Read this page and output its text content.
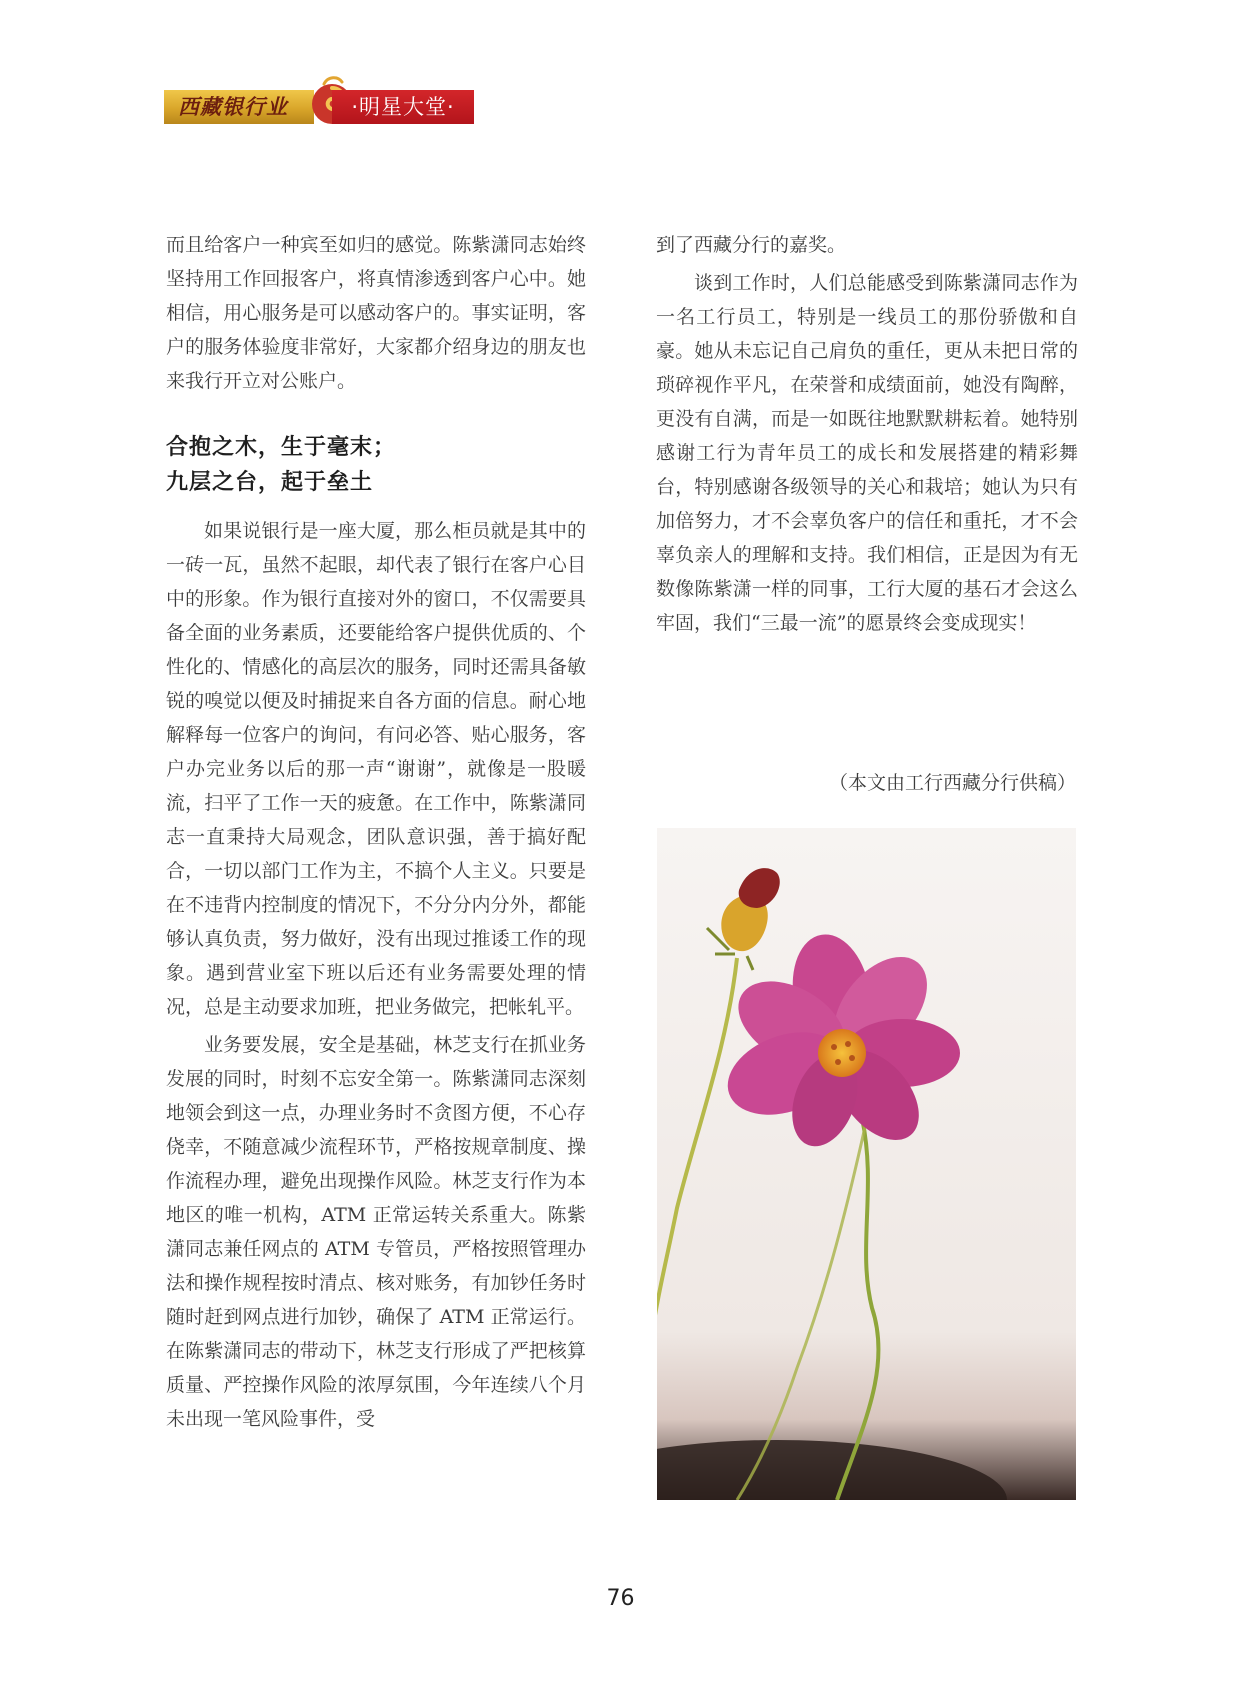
西藏银行业	·明星大堂·

而且给客户一种宾至如归的感觉。陈紫潇同志始终坚持用工作回报客户，将真情渗透到客户心中。她相信，用心服务是可以感动客户的。事实证明，客户的服务体验度非常好，大家都介绍身边的朋友也来我行开立对公账户。

合抱之木，生于毫末；
九层之台，起于垒土

如果说银行是一座大厦，那么柜员就是其中的一砖一瓦，虽然不起眼，却代表了银行在客户心目中的形象。作为银行直接对外的窗口，不仅需要具备全面的业务素质，还要能给客户提供优质的、个性化的、情感化的高层次的服务，同时还需具备敏锐的嗅觉以便及时捕捉来自各方面的信息。耐心地解释每一位客户的询问，有问必答、贴心服务，客户办完业务以后的那一声“谢谢”，就像是一股暖流，扫平了工作一天的疲惫。在工作中，陈紫潇同志一直秉持大局观念，团队意识强，善于搞好配合，一切以部门工作为主，不搞个人主义。只要是在不违背内控制度的情况下，不分分内分外，都能够认真负责，努力做好，没有出现过推诿工作的现象。遇到营业室下班以后还有业务需要处理的情况，总是主动要求加班，把业务做完，把帐轧平。

业务要发展，安全是基础，林芝支行在抓业务发展的同时，时刻不忘安全第一。陈紫潇同志深刻地领会到这一点，办理业务时不贪图方便，不心存侥幸，不随意减少流程环节，严格按规章制度、操作流程办理，避免出现操作风险。林芝支行作为本地区的唯一机构，ATM 正常运转关系重大。陈紫潇同志兼任网点的 ATM 专管员，严格按照管理办法和操作规程按时清点、核对账务，有加钞任务时随时赶到网点进行加钞，确保了 ATM 正常运行。在陈紫潇同志的带动下，林芝支行形成了严把核算质量、严控操作风险的浓厚氛围，今年连续八个月未出现一笔风险事件，受

到了西藏分行的嘉奖。

谈到工作时，人们总能感受到陈紫潇同志作为一名工行员工，特别是一线员工的那份骄傲和自豪。她从未忘记自己肩负的重任，更从未把日常的琐碎视作平凡，在荣誉和成绩面前，她没有陶醉，更没有自满，而是一如既往地默默耕耘着。她特别感谢工行为青年员工的成长和发展搭建的精彩舞台，特别感谢各级领导的关心和栽培；她认为只有加倍努力，才不会辜负客户的信任和重托，才不会辜负亲人的理解和支持。我们相信，正是因为有无数像陈紫潇一样的同事，工行大厦的基石才会这么牢固，我们“三最一流”的愿景终会变成现实！

（本文由工行西藏分行供稿）
76
